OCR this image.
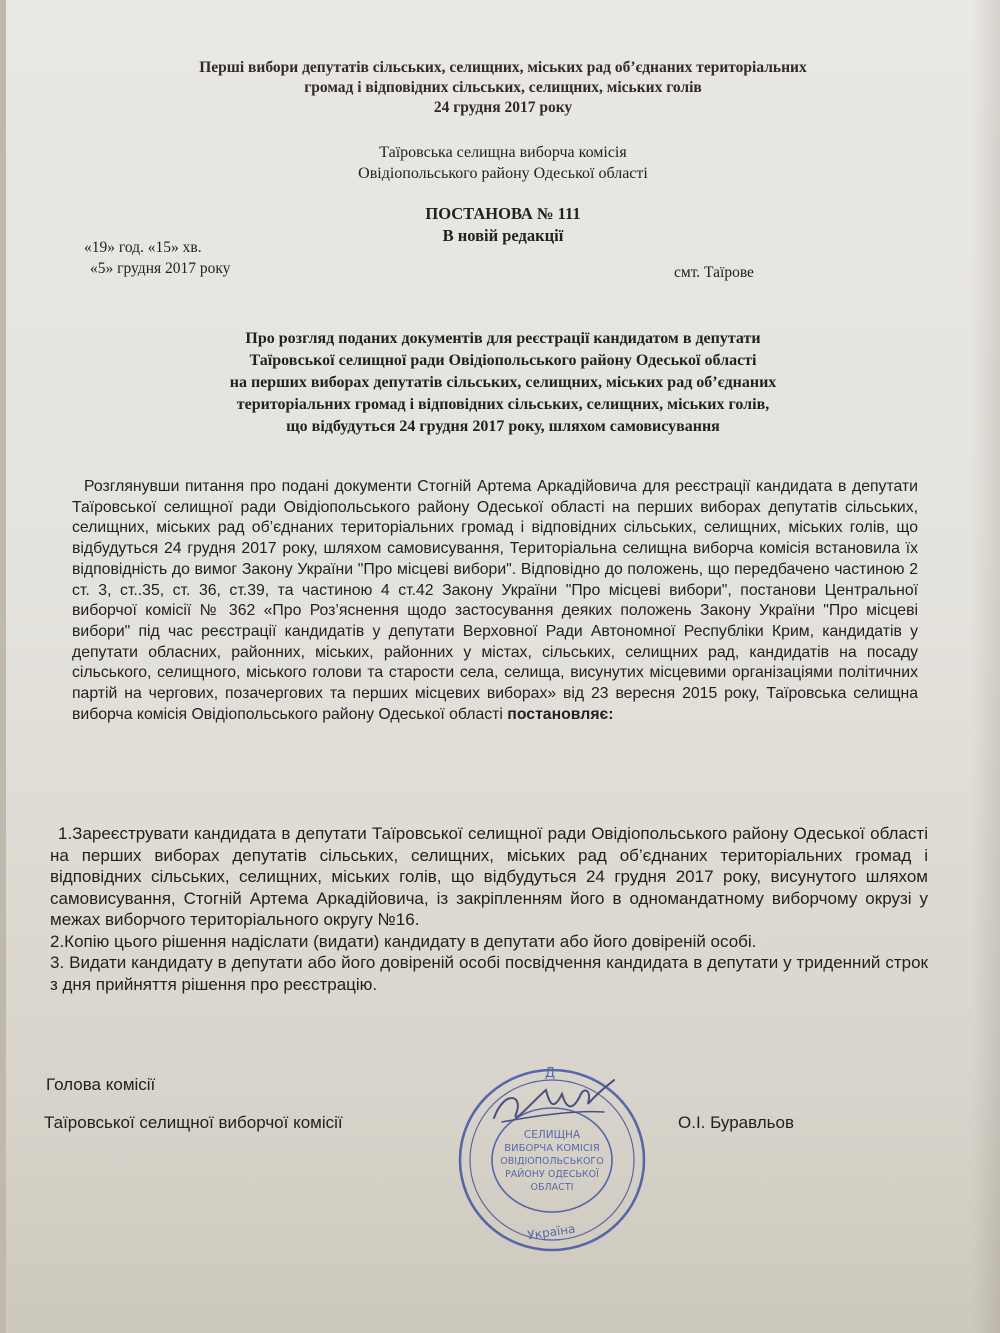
Перші вибори депутатів сільських, селищних, міських рад об’єднаних територіальних
громад і відповідних сільських, селищних, міських голів
24 грудня 2017 року
Таїровська селищна виборча комісія
Овідіопольського району Одеської області
ПОСТАНОВА № 111
В новій редакції
«19» год. «15» хв.
«5» грудня 2017 року	смт. Таїрове
Про розгляд поданих документів для реєстрації кандидатом в депутати
Таїровської селищної ради Овідіопольського району Одеської області
на перших виборах депутатів сільських, селищних, міських рад об’єднаних
територіальних громад і відповідних сільських, селищних, міських голів,
що відбудуться 24 грудня 2017 року, шляхом самовисування

Розглянувши питання про подані документи Стогній Артема Аркадійовича для реєстрації кандидата в депутати Таїровської селищної ради Овідіопольського району Одеської області на перших виборах депутатів сільських, селищних, міських рад об’єднаних територіальних громад і відповідних сільських, селищних, міських голів, що відбудуться 24 грудня 2017 року, шляхом самовисування, Територіальна селищна виборча комісія встановила їх відповідність до вимог Закону України "Про місцеві вибори". Відповідно до положень, що передбачено частиною 2 ст. 3, ст..35, ст. 36, ст.39, та частиною 4 ст.42 Закону України "Про місцеві вибори", постанови Центральної виборчої комісії № 362 «Про Роз’яснення щодо застосування деяких положень Закону України "Про місцеві вибори" під час реєстрації кандидатів у депутати Верховної Ради Автономної Республіки Крим, кандидатів у депутати обласних, районних, міських, районних у містах, сільських, селищних рад, кандидатів на посаду сільського, селищного, міського голови та старости села, селища, висунутих місцевими організаціями політичних партій на чергових, позачергових та перших місцевих виборах» від 23 вересня 2015 року, Таїровська селищна виборча комісія Овідіопольського району Одеської області постановляє:

1.Зареєструвати кандидата в депутати Таїровської селищної ради Овідіопольського району Одеської області на перших виборах депутатів сільських, селищних, міських рад об’єднаних територіальних громад і відповідних сільських, селищних, міських голів, що відбудуться 24 грудня 2017 року, висунутого шляхом самовисування, Стогній Артема Аркадійовича, із закріпленням його в одномандатному виборчому окрузі у межах виборчого територіального округу №16.

2.Копію цього рішення надіслати (видати) кандидату в депутати або його довіреній особі.

3. Видати кандидату в депутати або його довіреній особі посвідчення кандидата в депутати у триденний строк з дня прийняття рішення про реєстрацію.

Голова комісії
Таїровської селищної виборчої комісії	О.І. Буравльов
Д
СЕЛИЩНА
ВИБОРЧА КОМІСІЯ
ОВІДІОПОЛЬСЬКОГО
РАЙОНУ ОДЕСЬКОЇ
ОБЛАСТІ
Україна
